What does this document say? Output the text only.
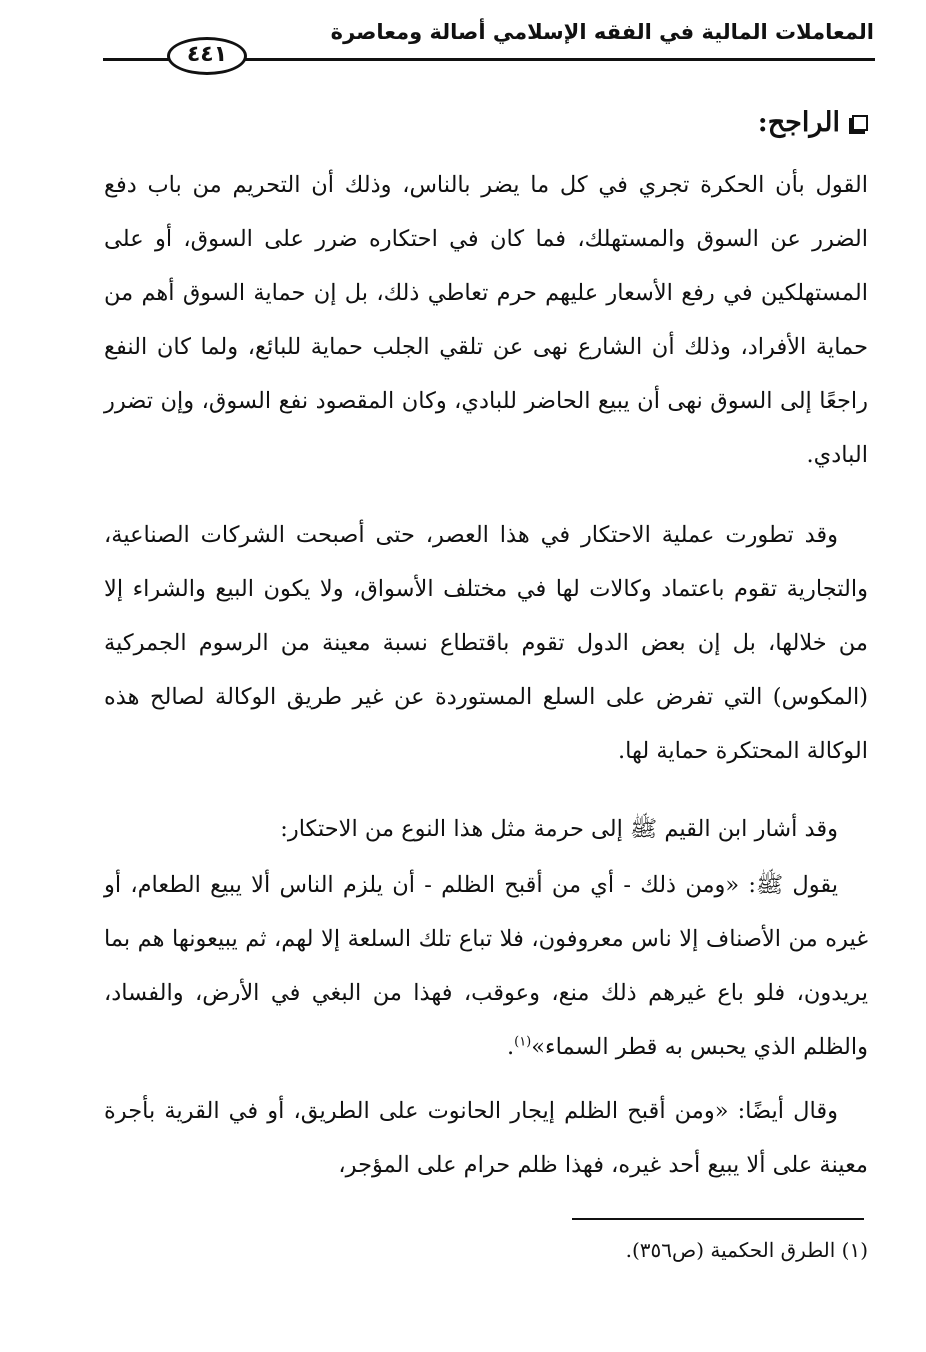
المعاملات المالية في الفقه الإسلامي أصالة ومعاصرة
٤٤١
الراجح:
القول بأن الحكرة تجري في كل ما يضر بالناس، وذلك أن التحريم من باب دفع الضرر عن السوق والمستهلك، فما كان في احتكاره ضرر على السوق، أو على المستهلكين في رفع الأسعار عليهم حرم تعاطي ذلك، بل إن حماية السوق أهم من حماية الأفراد، وذلك أن الشارع نهى عن تلقي الجلب حماية للبائع، ولما كان النفع راجعًا إلى السوق نهى أن يبيع الحاضر للبادي، وكان المقصود نفع السوق، وإن تضرر البادي.
وقد تطورت عملية الاحتكار في هذا العصر، حتى أصبحت الشركات الصناعية، والتجارية تقوم باعتماد وكالات لها في مختلف الأسواق، ولا يكون البيع والشراء إلا من خلالها، بل إن بعض الدول تقوم باقتطاع نسبة معينة من الرسوم الجمركية (المكوس) التي تفرض على السلع المستوردة عن غير طريق الوكالة لصالح هذه الوكالة المحتكرة حماية لها.
وقد أشار ابن القيم ﷺ إلى حرمة مثل هذا النوع من الاحتكار:
يقول ﷺ: «ومن ذلك - أي من أقبح الظلم - أن يلزم الناس ألا يبيع الطعام، أو غيره من الأصناف إلا ناس معروفون، فلا تباع تلك السلعة إلا لهم، ثم يبيعونها هم بما يريدون، فلو باع غيرهم ذلك منع، وعوقب، فهذا من البغي في الأرض، والفساد، والظلم الذي يحبس به قطر السماء»$^{(١)}$.
وقال أيضًا: «ومن أقبح الظلم إيجار الحانوت على الطريق، أو في القرية بأجرة معينة على ألا يبيع أحد غيره، فهذا ظلم حرام على المؤجر،
(١) الطرق الحكمية (ص٣٥٦).
